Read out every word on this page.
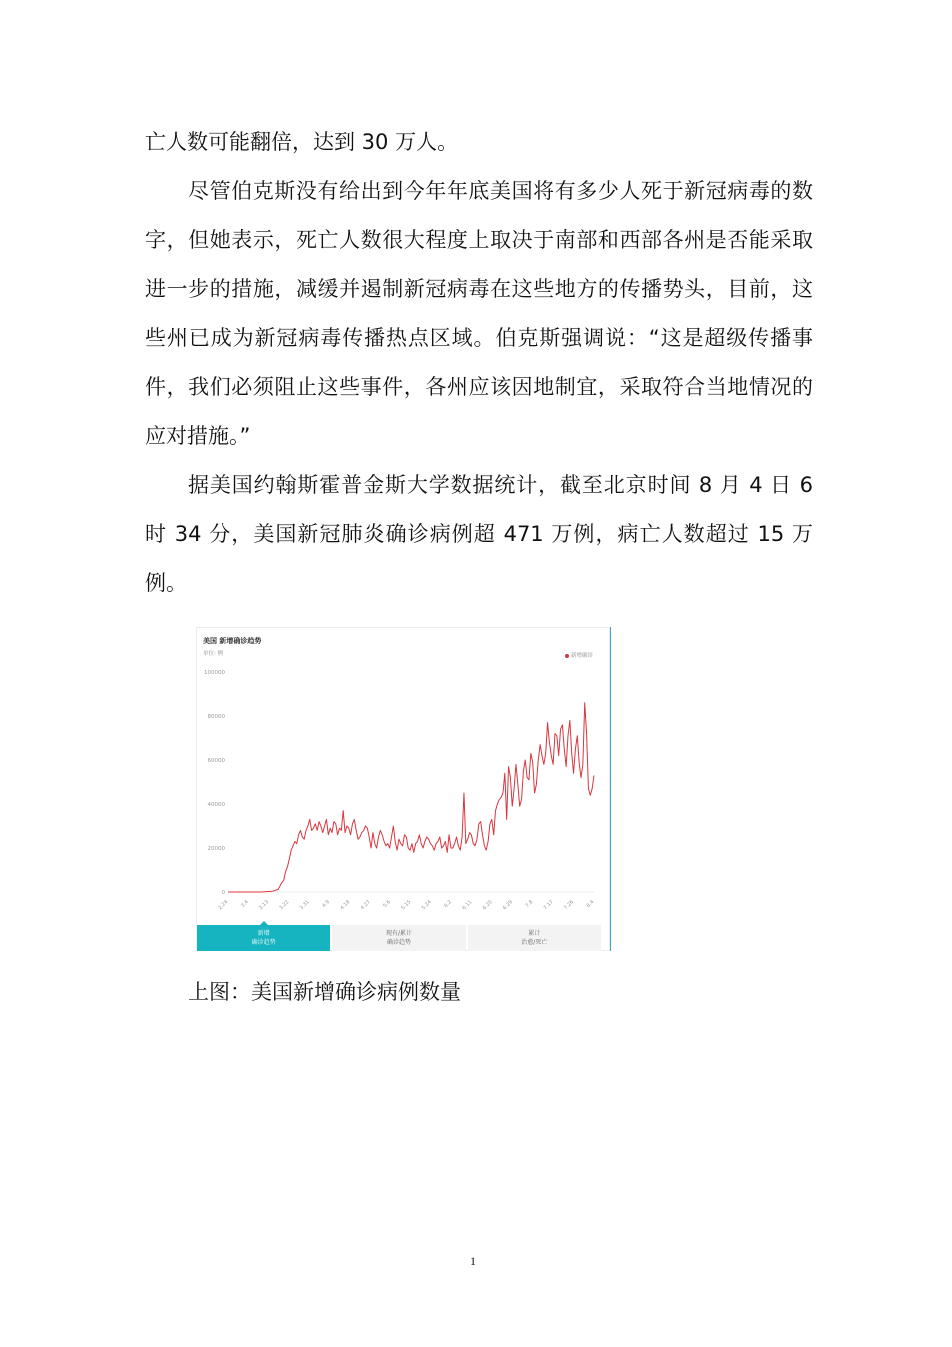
亡人数可能翻倍，达到 30 万人。

尽管伯克斯没有给出到今年年底美国将有多少人死于新冠病毒的数字，但她表示，死亡人数很大程度上取决于南部和西部各州是否能采取进一步的措施，减缓并遏制新冠病毒在这些地方的传播势头，目前，这些州已成为新冠病毒传播热点区域。伯克斯强调说：“这是超级传播事件，我们必须阻止这些事件，各州应该因地制宜，采取符合当地情况的应对措施。”

据美国约翰斯霍普金斯大学数据统计，截至北京时间 8 月 4 日 6 时 34 分，美国新冠肺炎确诊病例超 471 万例，病亡人数超过 15 万例。

100000
80000
60000
40000
20000
0
2.24 3.4 3.13 3.22 3.31 4.9 4.18 4.27 5.6 5.15 5.24 6.2 6.11 6.20 6.29 7.8 7.17 7.26 8.4
美国 新增确诊趋势
单位: 例	新增确诊
新增
确诊趋势
现有/累计
确诊趋势
累计
治愈/死亡

上图：美国新增确诊病例数量

1
